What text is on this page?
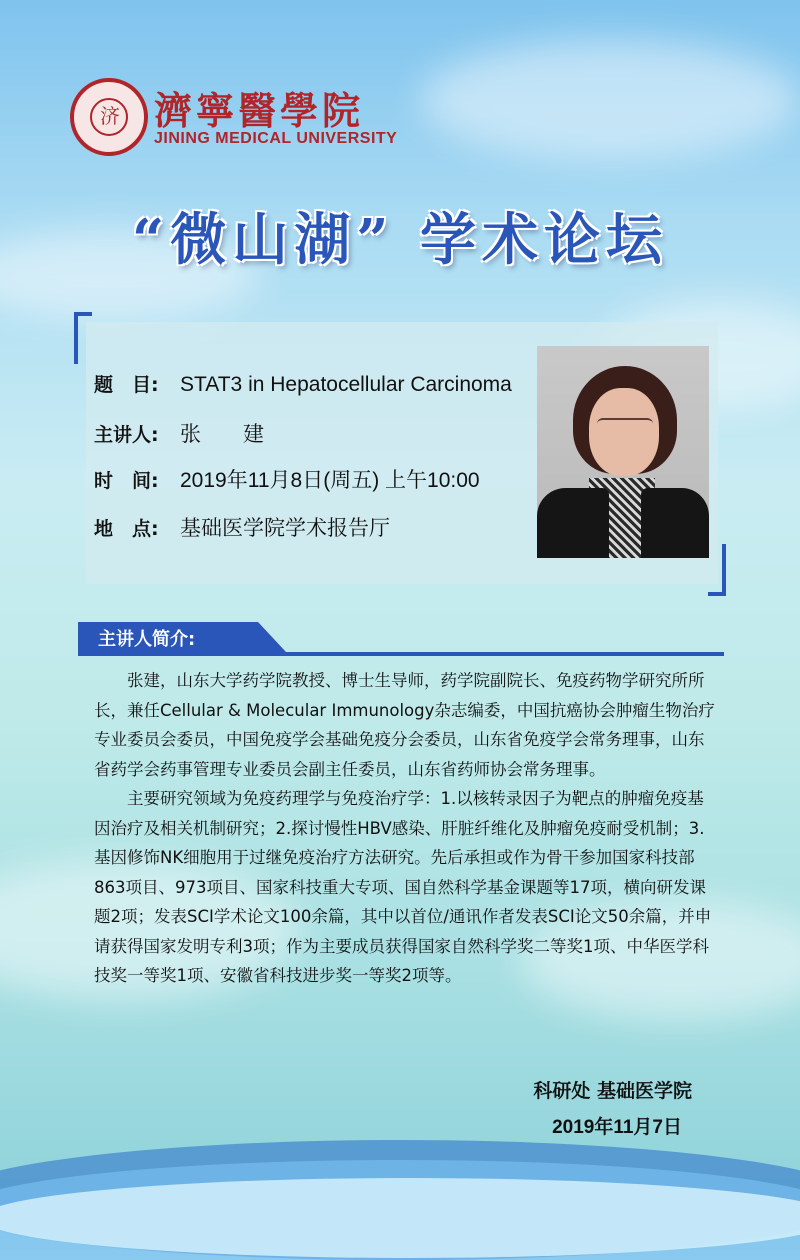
济 濟寧醫學院
JINING MEDICAL UNIVERSITY
“微山湖” 学术论坛
题　目: STAT3 in Hepatocellular Carcinoma
主讲人: 张　　建
时　间: 2019年11月8日(周五) 上午10:00
地　点: 基础医学院学术报告厅
主讲人简介:

张建，山东大学药学院教授、博士生导师，药学院副院长、免疫药物学研究所所长，兼任Cellular & Molecular Immunology杂志编委，中国抗癌协会肿瘤生物治疗专业委员会委员，中国免疫学会基础免疫分会委员，山东省免疫学会常务理事，山东省药学会药事管理专业委员会副主任委员，山东省药师协会常务理事。

主要研究领域为免疫药理学与免疫治疗学：1.以核转录因子为靶点的肿瘤免疫基因治疗及相关机制研究；2.探讨慢性HBV感染、肝脏纤维化及肿瘤免疫耐受机制；3.基因修饰NK细胞用于过继免疫治疗方法研究。先后承担或作为骨干参加国家科技部863项目、973项目、国家科技重大专项、国自然科学基金课题等17项，横向研发课题2项；发表SCI学术论文100余篇，其中以首位/通讯作者发表SCI论文50余篇，并申请获得国家发明专利3项；作为主要成员获得国家自然科学奖二等奖1项、中华医学科技奖一等奖1项、安徽省科技进步奖一等奖2项等。

科研处 基础医学院
2019年11月7日
